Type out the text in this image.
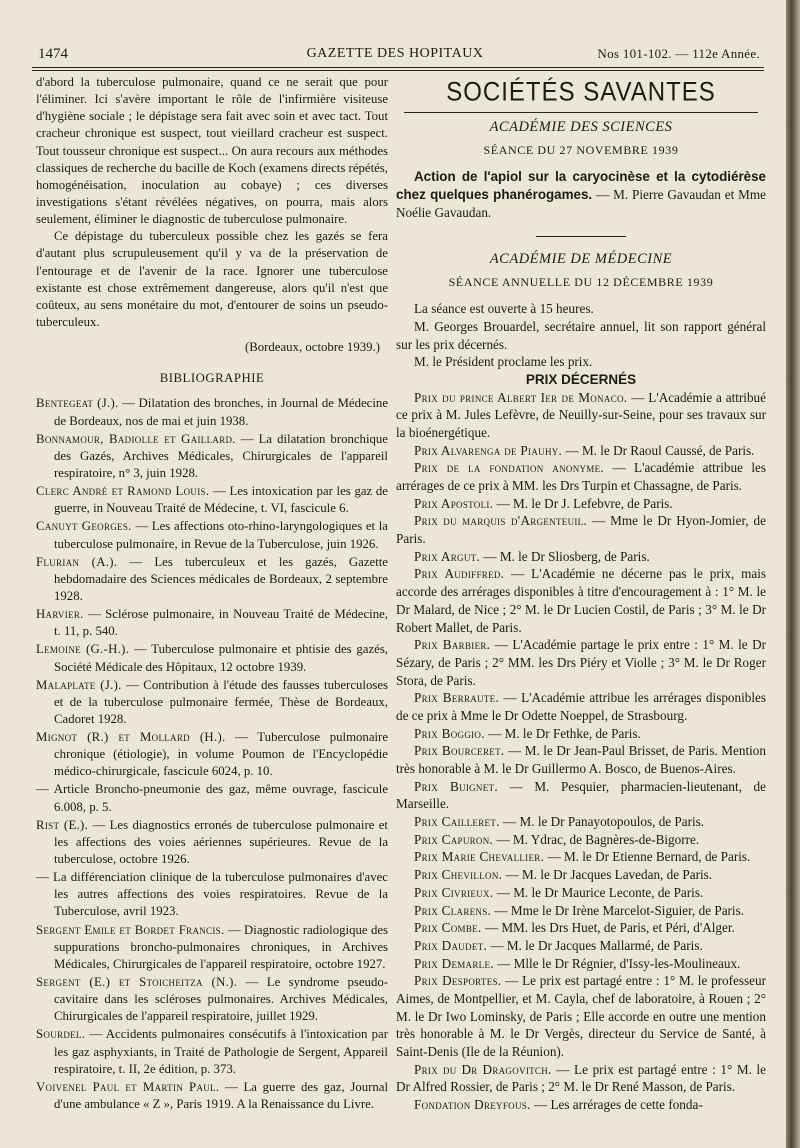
1474	GAZETTE DES HOPITAUX	Nos 101-102. — 112e Année.

d'abord la tuberculose pulmonaire, quand ce ne serait que pour l'éliminer. Ici s'avère important le rôle de l'infirmière visiteuse d'hygiène sociale ; le dépistage sera fait avec soin et avec tact. Tout cracheur chronique est suspect, tout vieillard cracheur est suspect. Tout tousseur chronique est suspect... On aura recours aux méthodes classiques de recherche du bacille de Koch (examens directs répétés, homogénéisation, inoculation au cobaye) ; ces diverses investigations s'étant révélées négatives, on pourra, mais alors seulement, éliminer le diagnostic de tuberculose pulmonaire.

Ce dépistage du tuberculeux possible chez les gazés se fera d'autant plus scrupuleusement qu'il y va de la préservation de l'entourage et de l'avenir de la race. Ignorer une tuberculose existante est chose extrêmement dangereuse, alors qu'il n'est que coûteux, au sens monétaire du mot, d'entourer de soins un pseudo-tuberculeux.

(Bordeaux, octobre 1939.)

BIBLIOGRAPHIE

Bentegeat (J.). — Dilatation des bronches, in Journal de Médecine de Bordeaux, nos de mai et juin 1938.

Bonnamour, Badiolle et Gaillard. — La dilatation bronchique des Gazés, Archives Médicales, Chirurgicales de l'appareil respiratoire, n° 3, juin 1928.

Clerc André et Ramond Louis. — Les intoxication par les gaz de guerre, in Nouveau Traité de Médecine, t. VI, fascicule 6.

Canuyt Georges. — Les affections oto-rhino-laryngologiques et la tuberculose pulmonaire, in Revue de la Tuberculose, juin 1926.

Flurian (A.). — Les tuberculeux et les gazés, Gazette hebdomadaire des Sciences médicales de Bordeaux, 2 septembre 1928.

Harvier. — Sclérose pulmonaire, in Nouveau Traité de Médecine, t. 11, p. 540.

Lemoine (G.-H.). — Tuberculose pulmonaire et phtisie des gazés, Société Médicale des Hôpitaux, 12 octobre 1939.

Malaplate (J.). — Contribution à l'étude des fausses tuberculoses et de la tuberculose pulmonaire fermée, Thèse de Bordeaux, Cadoret 1928.

Mignot (R.) et Mollard (H.). — Tuberculose pulmonaire chronique (étiologie), in volume Poumon de l'Encyclopédie médico-chirurgicale, fascicule 6024, p. 10.

— Article Broncho-pneumonie des gaz, même ouvrage, fascicule 6.008, p. 5.

Rist (E.). — Les diagnostics erronés de tuberculose pulmonaire et les affections des voies aériennes supérieures. Revue de la tuberculose, octobre 1926.

— La différenciation clinique de la tuberculose pulmonaires d'avec les autres affections des voies respiratoires. Revue de la Tuberculose, avril 1923.

Sergent Emile et Bordet Francis. — Diagnostic radiologique des suppurations broncho-pulmonaires chroniques, in Archives Médicales, Chirurgicales de l'appareil respiratoire, octobre 1927.

Sergent (E.) et Stoicheitza (N.). — Le syndrome pseudo-cavitaire dans les scléroses pulmonaires. Archives Médicales, Chirurgicales de l'appareil respiratoire, juillet 1929.

Sourdel. — Accidents pulmonaires consécutifs à l'intoxication par les gaz asphyxiants, in Traité de Pathologie de Sergent, Appareil respiratoire, t. II, 2e édition, p. 373.

Voivenel Paul et Martin Paul. — La guerre des gaz, Journal d'une ambulance « Z », Paris 1919. A la Renaissance du Livre.

SOCIÉTÉS SAVANTES
ACADÉMIE DES SCIENCES
SÉANCE DU 27 NOVEMBRE 1939

Action de l'apiol sur la caryocinèse et la cytodiérèse chez quelques phanérogames. — M. Pierre Gavaudan et Mme Noélie Gavaudan.

ACADÉMIE DE MÉDECINE
SÉANCE ANNUELLE DU 12 DÉCEMBRE 1939

La séance est ouverte à 15 heures.

M. Georges Brouardel, secrétaire annuel, lit son rapport général sur les prix décernés.

M. le Président proclame les prix.

PRIX DÉCERNÉS

Prix du prince Albert Ier de Monaco. — L'Académie a attribué ce prix à M. Jules Lefèvre, de Neuilly-sur-Seine, pour ses travaux sur la bioénergétique.

Prix Alvarenga de Piauhy. — M. le Dr Raoul Caussé, de Paris.

Prix de la fondation anonyme. — L'académie attribue les arrérages de ce prix à MM. les Drs Turpin et Chassagne, de Paris.

Prix Apostoli. — M. le Dr J. Lefebvre, de Paris.

Prix du marquis d'Argenteuil. — Mme le Dr Hyon-Jomier, de Paris.

Prix Argut. — M. le Dr Sliosberg, de Paris.

Prix Audiffred. — L'Académie ne décerne pas le prix, mais accorde des arrérages disponibles à titre d'encouragement à : 1° M. le Dr Malard, de Nice ; 2° M. le Dr Lucien Costil, de Paris ; 3° M. le Dr Robert Mallet, de Paris.

Prix Barbier. — L'Académie partage le prix entre : 1° M. le Dr Sézary, de Paris ; 2° MM. les Drs Piéry et Violle ; 3° M. le Dr Roger Stora, de Paris.

Prix Berraute. — L'Académie attribue les arrérages disponibles de ce prix à Mme le Dr Odette Noeppel, de Strasbourg.

Prix Boggio. — M. le Dr Fethke, de Paris.

Prix Bourceret. — M. le Dr Jean-Paul Brisset, de Paris. Mention très honorable à M. le Dr Guillermo A. Bosco, de Buenos-Aires.

Prix Buignet. — M. Pesquier, pharmacien-lieutenant, de Marseille.

Prix Cailleret. — M. le Dr Panayotopoulos, de Paris.

Prix Capuron. — M. Ydrac, de Bagnères-de-Bigorre.

Prix Marie Chevallier. — M. le Dr Etienne Bernard, de Paris.

Prix Chevillon. — M. le Dr Jacques Lavedan, de Paris.

Prix Civrieux. — M. le Dr Maurice Leconte, de Paris.

Prix Clarens. — Mme le Dr Irène Marcelot-Siguier, de Paris.

Prix Combe. — MM. les Drs Huet, de Paris, et Péri, d'Alger.

Prix Daudet. — M. le Dr Jacques Mallarmé, de Paris.

Prix Demarle. — Mlle le Dr Régnier, d'Issy-les-Moulineaux.

Prix Desportes. — Le prix est partagé entre : 1° M. le professeur Aimes, de Montpellier, et M. Cayla, chef de laboratoire, à Rouen ; 2° M. le Dr Iwo Lominsky, de Paris ; Elle accorde en outre une mention très honorable à M. le Dr Vergès, directeur du Service de Santé, à Saint-Denis (Ile de la Réunion).

Prix du Dr Dragovitch. — Le prix est partagé entre : 1° M. le Dr Alfred Rossier, de Paris ; 2° M. le Dr René Masson, de Paris.

Fondation Dreyfous. — Les arrérages de cette fonda-
